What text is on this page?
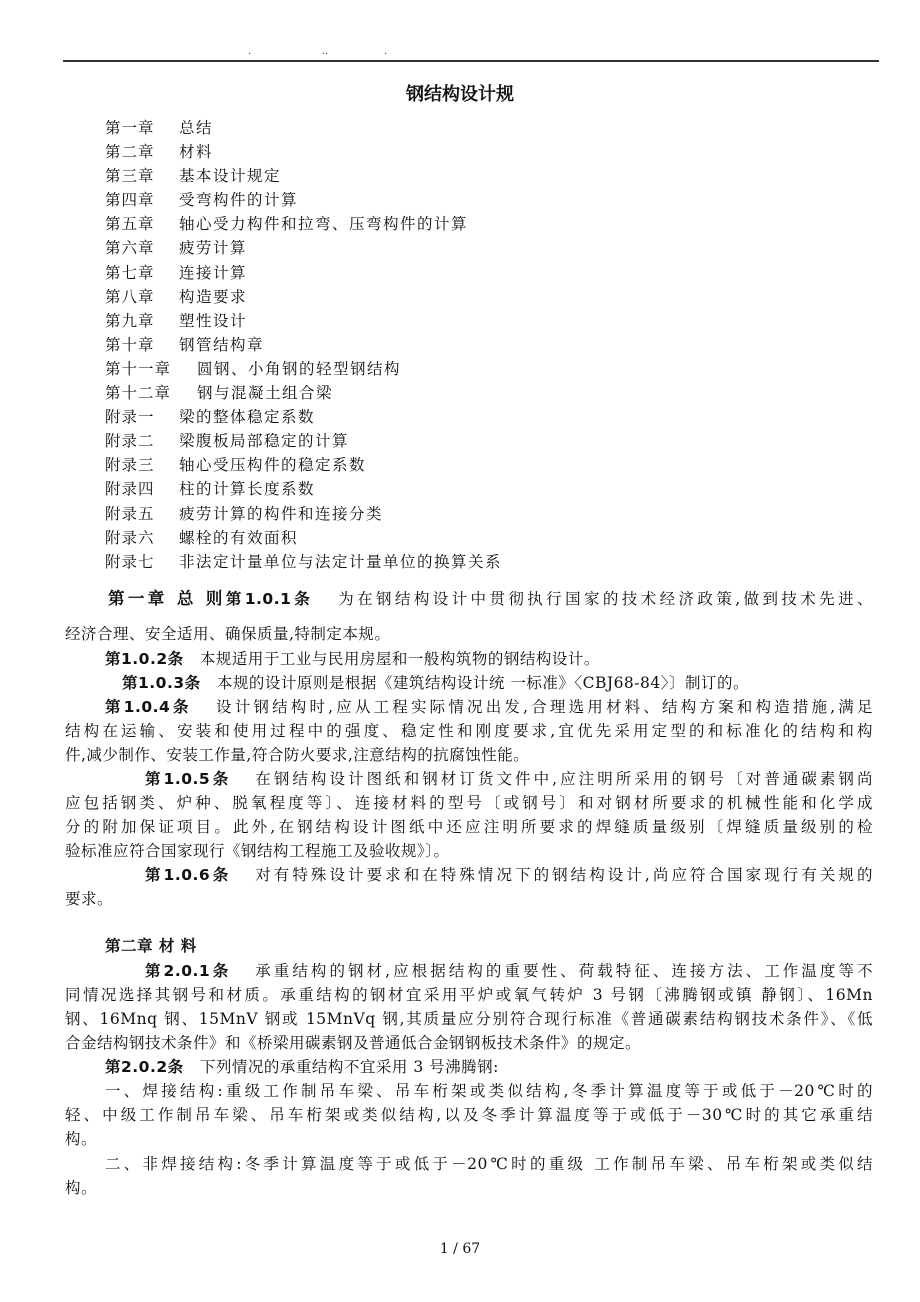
.	..	.
钢结构设计规
第一章 总结
第二章 材料
第三章 基本设计规定
第四章 受弯构件的计算
第五章 轴心受力构件和拉弯、压弯构件的计算
第六章 疲劳计算
第七章 连接计算
第八章 构造要求
第九章 塑性设计
第十章 钢管结构章
第十一章 圆钢、小角钢的轻型钢结构
第十二章 钢与混凝土组合梁
附录一 梁的整体稳定系数
附录二 梁腹板局部稳定的计算
附录三 轴心受压构件的稳定系数
附录四 柱的计算长度系数
附录五 疲劳计算的构件和连接分类
附录六 螺栓的有效面积
附录七 非法定计量单位与法定计量单位的换算关系
第一章 总 则第1.0.1条 为在钢结构设计中贯彻执行国家的技术经济政策,做到技术先进、
经济合理、安全适用、确保质量,特制定本规。
第1.0.2条 本规适用于工业与民用房屋和一般构筑物的钢结构设计。
第1.0.3条 本规的设计原则是根据《建筑结构设计统 一标准》〈CBJ68-84〉〕制订的。
第1.0.4条 设计钢结构时,应从工程实际情况出发,合理选用材料、结构方案和构造措施,满足
结构在运输、安装和使用过程中的强度、稳定性和刚度要求,宜优先采用定型的和标准化的结构和构
件,减少制作、安装工作量,符合防火要求,注意结构的抗腐蚀性能。
第1.0.5条 在钢结构设计图纸和钢材订货文件中,应注明所采用的钢号〔对普通碳素钢尚
应包括钢类、炉种、脱氧程度等〕、连接材料的型号〔或钢号〕和对钢材所要求的机械性能和化学成
分的附加保证项目。此外,在钢结构设计图纸中还应注明所要求的焊缝质量级别〔焊缝质量级别的检
验标准应符合国家现行《钢结构工程施工及验收规》〕。
第1.0.6条 对有特殊设计要求和在特殊情况下的钢结构设计,尚应符合国家现行有关规的
要求。
第二章 材 料
第2.0.1条 承重结构的钢材,应根据结构的重要性、荷载特征、连接方法、工作温度等不
同情况选择其钢号和材质。承重结构的钢材宜采用平炉或氧气转炉 3 号钢〔沸腾钢或镇 静钢〕、16Mn
钢、16Mnq 钢、15MnV 钢或 15MnVq 钢,其质量应分别符合现行标准《普通碳素结构钢技术条件》、《低
合金结构钢技术条件》和《桥梁用碳素钢及普通低合金钢钢板技术条件》的规定。
第2.0.2条 下列情况的承重结构不宜采用 3 号沸腾钢:
一、焊接结构:重级工作制吊车梁、吊车桁架或类似结构,冬季计算温度等于或低于－20℃时的
轻、中级工作制吊车梁、吊车桁架或类似结构,以及冬季计算温度等于或低于－30℃时的其它承重结
构。
二、非焊接结构:冬季计算温度等于或低于－20℃时的重级 工作制吊车梁、吊车桁架或类似结
构。
1 / 67
